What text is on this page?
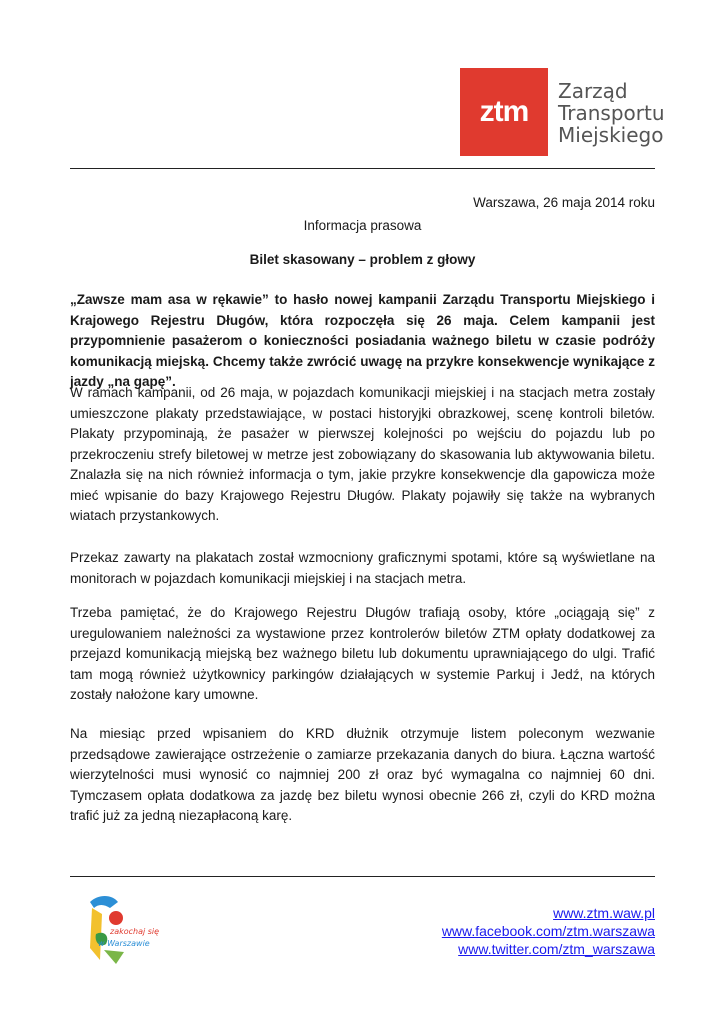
ztm
Zarząd
Transportu
Miejskiego
Warszawa, 26 maja 2014 roku
Informacja prasowa
Bilet skasowany – problem z głowy

„Zawsze mam asa w rękawie” to hasło nowej kampanii Zarządu Transportu Miejskiego i Krajowego Rejestru Długów, która rozpoczęła się 26 maja. Celem kampanii jest przypomnienie pasażerom o konieczności posiadania ważnego biletu w czasie podróży komunikacją miejską. Chcemy także zwrócić uwagę na przykre konsekwencje wynikające z jazdy „na gapę”.

W ramach kampanii, od 26 maja, w pojazdach komunikacji miejskiej i na stacjach metra zostały umieszczone plakaty przedstawiające, w postaci historyjki obrazkowej, scenę kontroli biletów. Plakaty przypominają, że pasażer w pierwszej kolejności po wejściu do pojazdu lub po przekroczeniu strefy biletowej w metrze jest zobowiązany do skasowania lub aktywowania biletu. Znalazła się na nich również informacja o tym, jakie przykre konsekwencje dla gapowicza może mieć wpisanie do bazy Krajowego Rejestru Długów. Plakaty pojawiły się także na wybranych wiatach przystankowych.

Przekaz zawarty na plakatach został wzmocniony graficznymi spotami, które są wyświetlane na monitorach w pojazdach komunikacji miejskiej i na stacjach metra.

Trzeba pamiętać, że do Krajowego Rejestru Długów trafiają osoby, które „ociągają się” z uregulowaniem należności za wystawione przez kontrolerów biletów ZTM opłaty dodatkowej za przejazd komunikacją miejską bez ważnego biletu lub dokumentu uprawniającego do ulgi. Trafić tam mogą również użytkownicy parkingów działających w systemie Parkuj i Jedź, na których zostały nałożone kary umowne.

Na miesiąc przed wpisaniem do KRD dłużnik otrzymuje listem poleconym wezwanie przedsądowe zawierające ostrzeżenie o zamiarze przekazania danych do biura. Łączna wartość wierzytelności musi wynosić co najmniej 200 zł oraz być wymagalna co najmniej 60 dni. Tymczasem opłata dodatkowa za jazdę bez biletu wynosi obecnie 266 zł, czyli do KRD można trafić już za jedną niezapłaconą karę.

zakochaj się
w Warszawie
www.ztm.waw.pl
www.facebook.com/ztm.warszawa
www.twitter.com/ztm_warszawa
